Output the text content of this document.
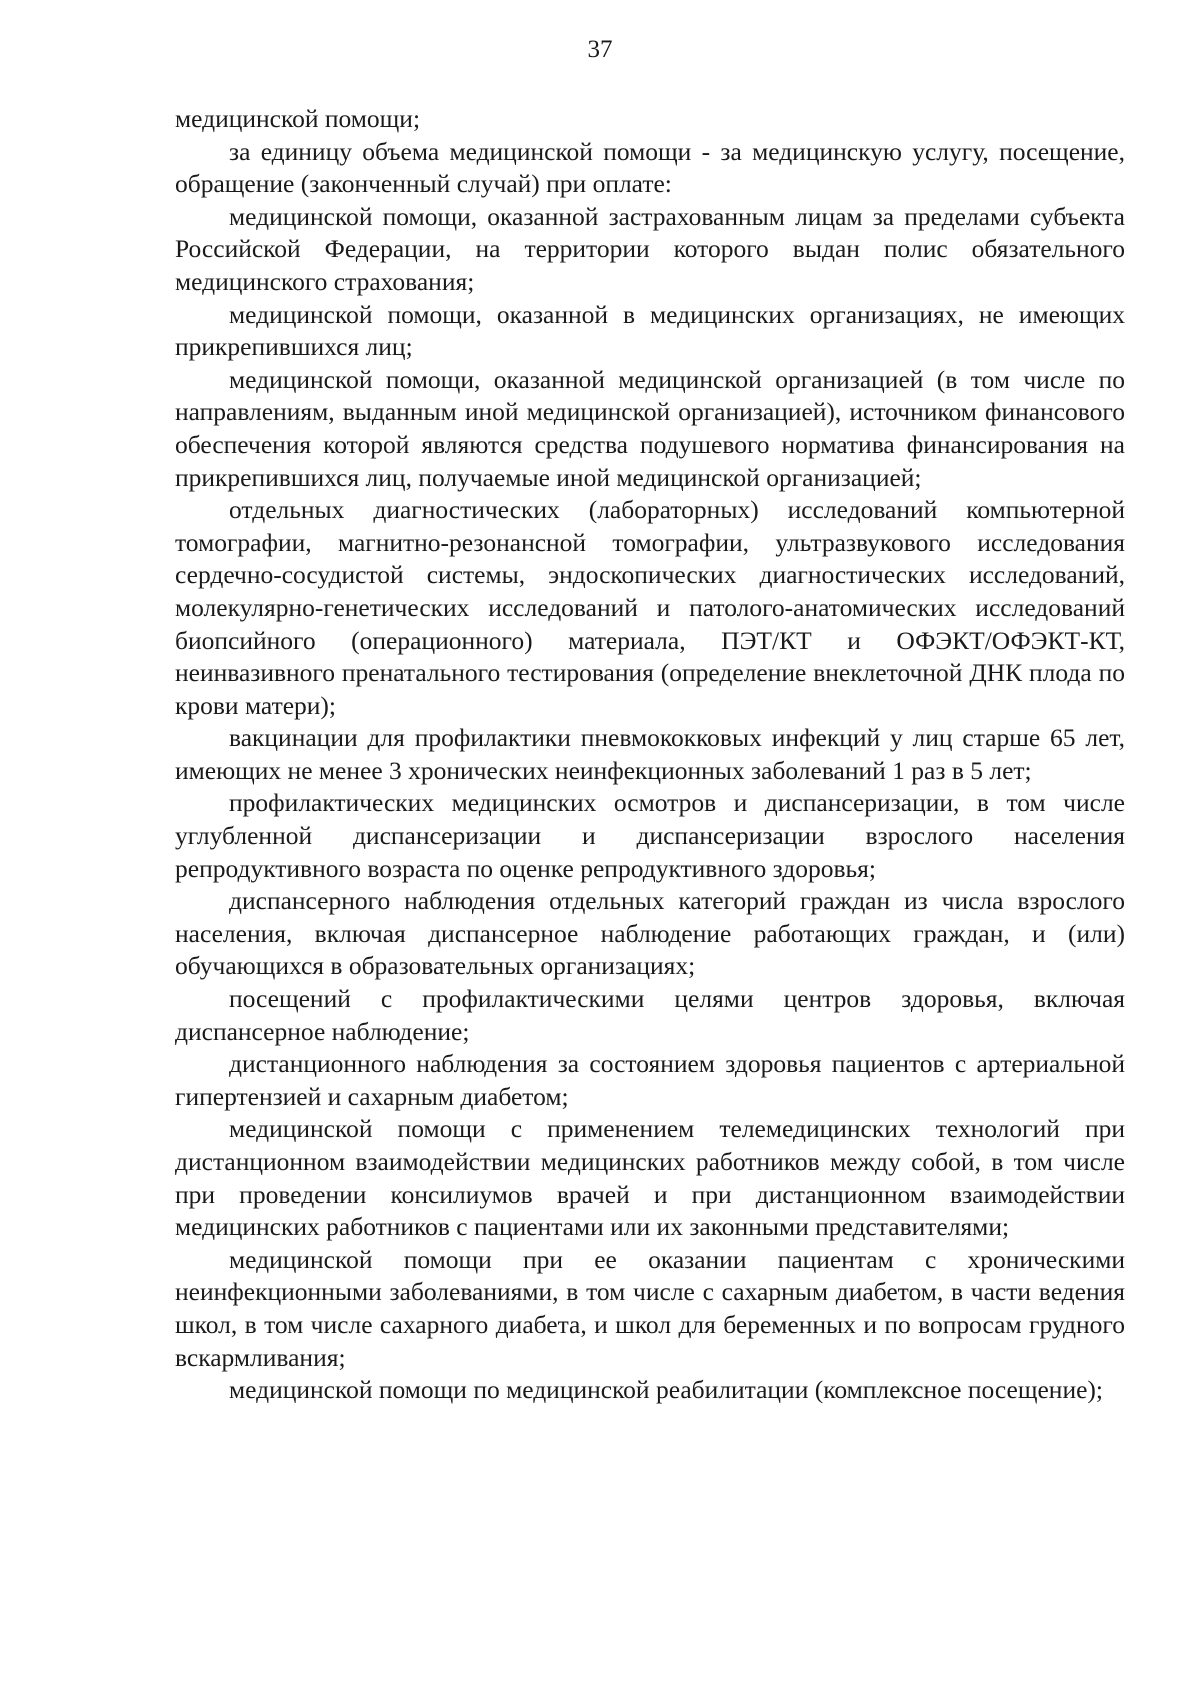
37

медицинской помощи;

за единицу объема медицинской помощи - за медицинскую услугу, посещение, обращение (законченный случай) при оплате:

медицинской помощи, оказанной застрахованным лицам за пределами субъекта Российской Федерации, на территории которого выдан полис обязательного медицинского страхования;

медицинской помощи, оказанной в медицинских организациях, не имеющих прикрепившихся лиц;

медицинской помощи, оказанной медицинской организацией (в том числе по направлениям, выданным иной медицинской организацией), источником финансового обеспечения которой являются средства подушевого норматива финансирования на прикрепившихся лиц, получаемые иной медицинской организацией;

отдельных диагностических (лабораторных) исследований компьютерной томографии, магнитно-резонансной томографии, ультразвукового исследования сердечно-сосудистой системы, эндоскопических диагностических исследований, молекулярно-генетических исследований и патолого-анатомических исследований биопсийного (операционного) материала, ПЭТ/КТ и ОФЭКТ/ОФЭКТ-КТ, неинвазивного пренатального тестирования (определение внеклеточной ДНК плода по крови матери);

вакцинации для профилактики пневмококковых инфекций у лиц старше 65 лет, имеющих не менее 3 хронических неинфекционных заболеваний 1 раз в 5 лет;

профилактических медицинских осмотров и диспансеризации, в том числе углубленной диспансеризации и диспансеризации взрослого населения репродуктивного возраста по оценке репродуктивного здоровья;

диспансерного наблюдения отдельных категорий граждан из числа взрослого населения, включая диспансерное наблюдение работающих граждан, и (или) обучающихся в образовательных организациях;

посещений с профилактическими целями центров здоровья, включая диспансерное наблюдение;

дистанционного наблюдения за состоянием здоровья пациентов с артериальной гипертензией и сахарным диабетом;

медицинской помощи с применением телемедицинских технологий при дистанционном взаимодействии медицинских работников между собой, в том числе при проведении консилиумов врачей и при дистанционном взаимодействии медицинских работников с пациентами или их законными представителями;

медицинской помощи при ее оказании пациентам с хроническими неинфекционными заболеваниями, в том числе с сахарным диабетом, в части ведения школ, в том числе сахарного диабета, и школ для беременных и по вопросам грудного вскармливания;

медицинской помощи по медицинской реабилитации (комплексное посещение);
